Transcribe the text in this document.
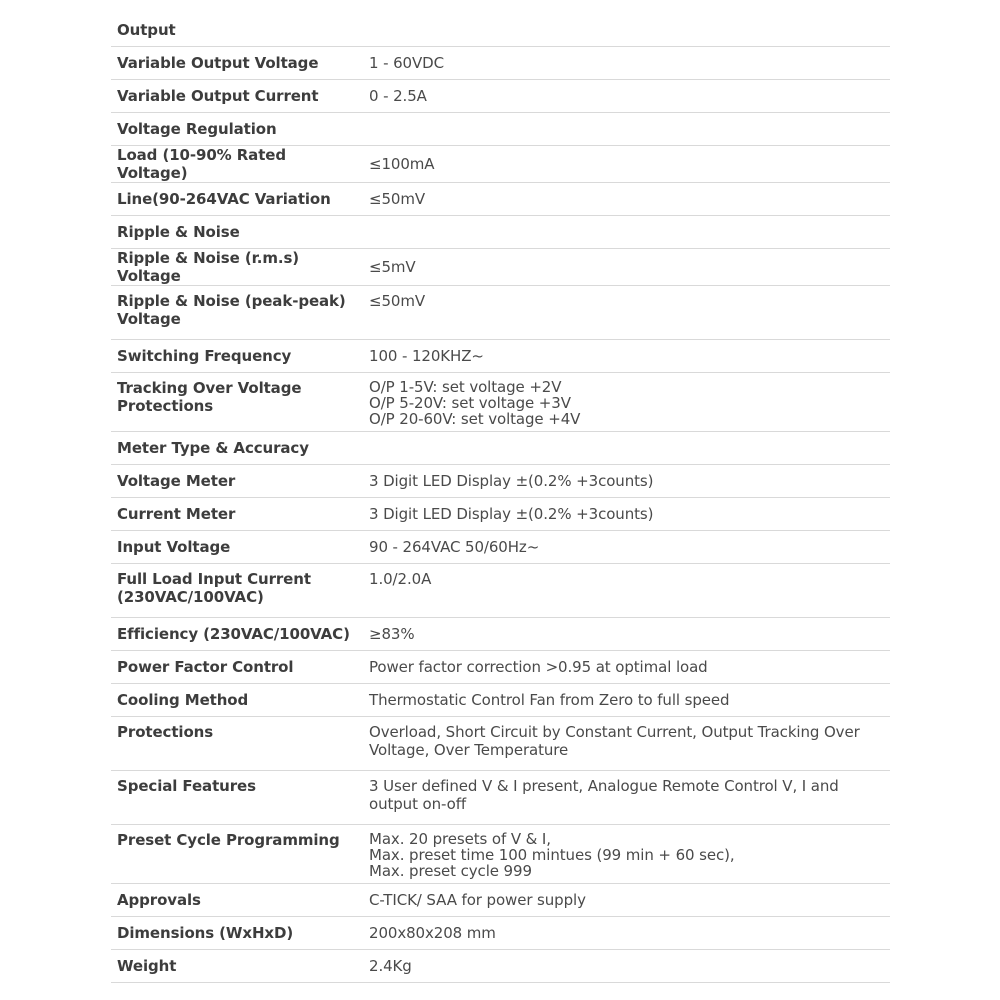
Output	
Variable Output Voltage	1 - 60VDC
Variable Output Current	0 - 2.5A
Voltage Regulation	
Load (10-90% Rated Voltage)	≤100mA
Line(90-264VAC Variation	≤50mV
Ripple & Noise	
Ripple & Noise (r.m.s) Voltage	≤5mV
Ripple & Noise (peak-peak) Voltage	≤50mV
Switching Frequency	100 - 120KHZ~
Tracking Over Voltage Protections	O/P 1-5V: set voltage +2V
O/P 5-20V: set voltage +3V
O/P 20-60V: set voltage +4V

Meter Type & Accuracy	
Voltage Meter	3 Digit LED Display ±(0.2% +3counts)
Current Meter	3 Digit LED Display ±(0.2% +3counts)
Input Voltage	90 - 264VAC 50/60Hz~
Full Load Input Current (230VAC/100VAC)	1.0/2.0A
Efficiency (230VAC/100VAC)	≥83%
Power Factor Control	Power factor correction >0.95 at optimal load
Cooling Method	Thermostatic Control Fan from Zero to full speed
Protections	Overload, Short Circuit by Constant Current, Output Tracking Over Voltage, Over Temperature
Special Features	3 User defined V & I present, Analogue Remote Control V, I and output on-off
Preset Cycle Programming	Max. 20 presets of V & I,
Max. preset time 100 mintues (99 min + 60 sec),
Max. preset cycle 999

Approvals	C-TICK/ SAA for power supply
Dimensions (WxHxD)	200x80x208 mm
Weight	2.4Kg
